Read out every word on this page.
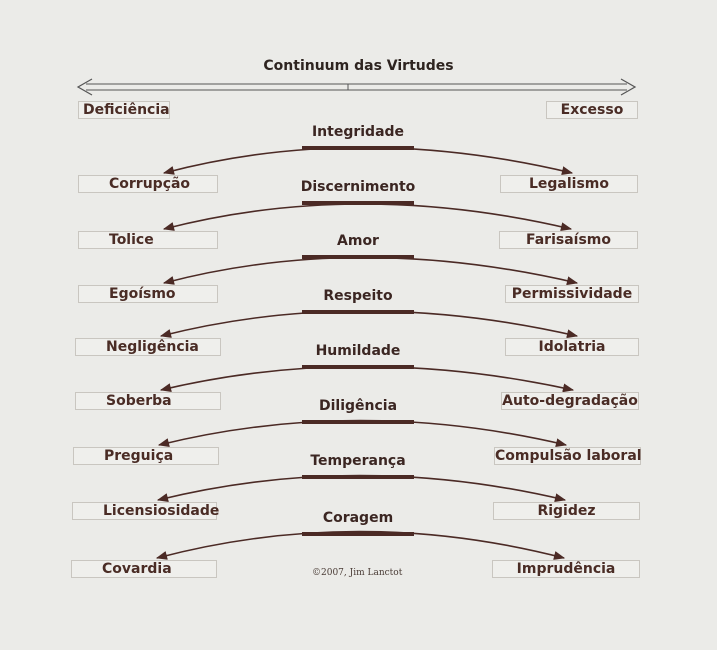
Continuum das Virtudes
Deficiência	Excesso
Integridade
Corrupção	Legalismo
Discernimento
Tolice	Farisaísmo
Amor
Egoísmo	Permissividade
Respeito
Negligência	Idolatria
Humildade
Soberba	Auto-degradação
Diligência
Preguiça	Compulsão laboral
Temperança
Licensiosidade	Rigidez
Coragem
Covardia	Imprudência
©2007, Jim Lanctot
